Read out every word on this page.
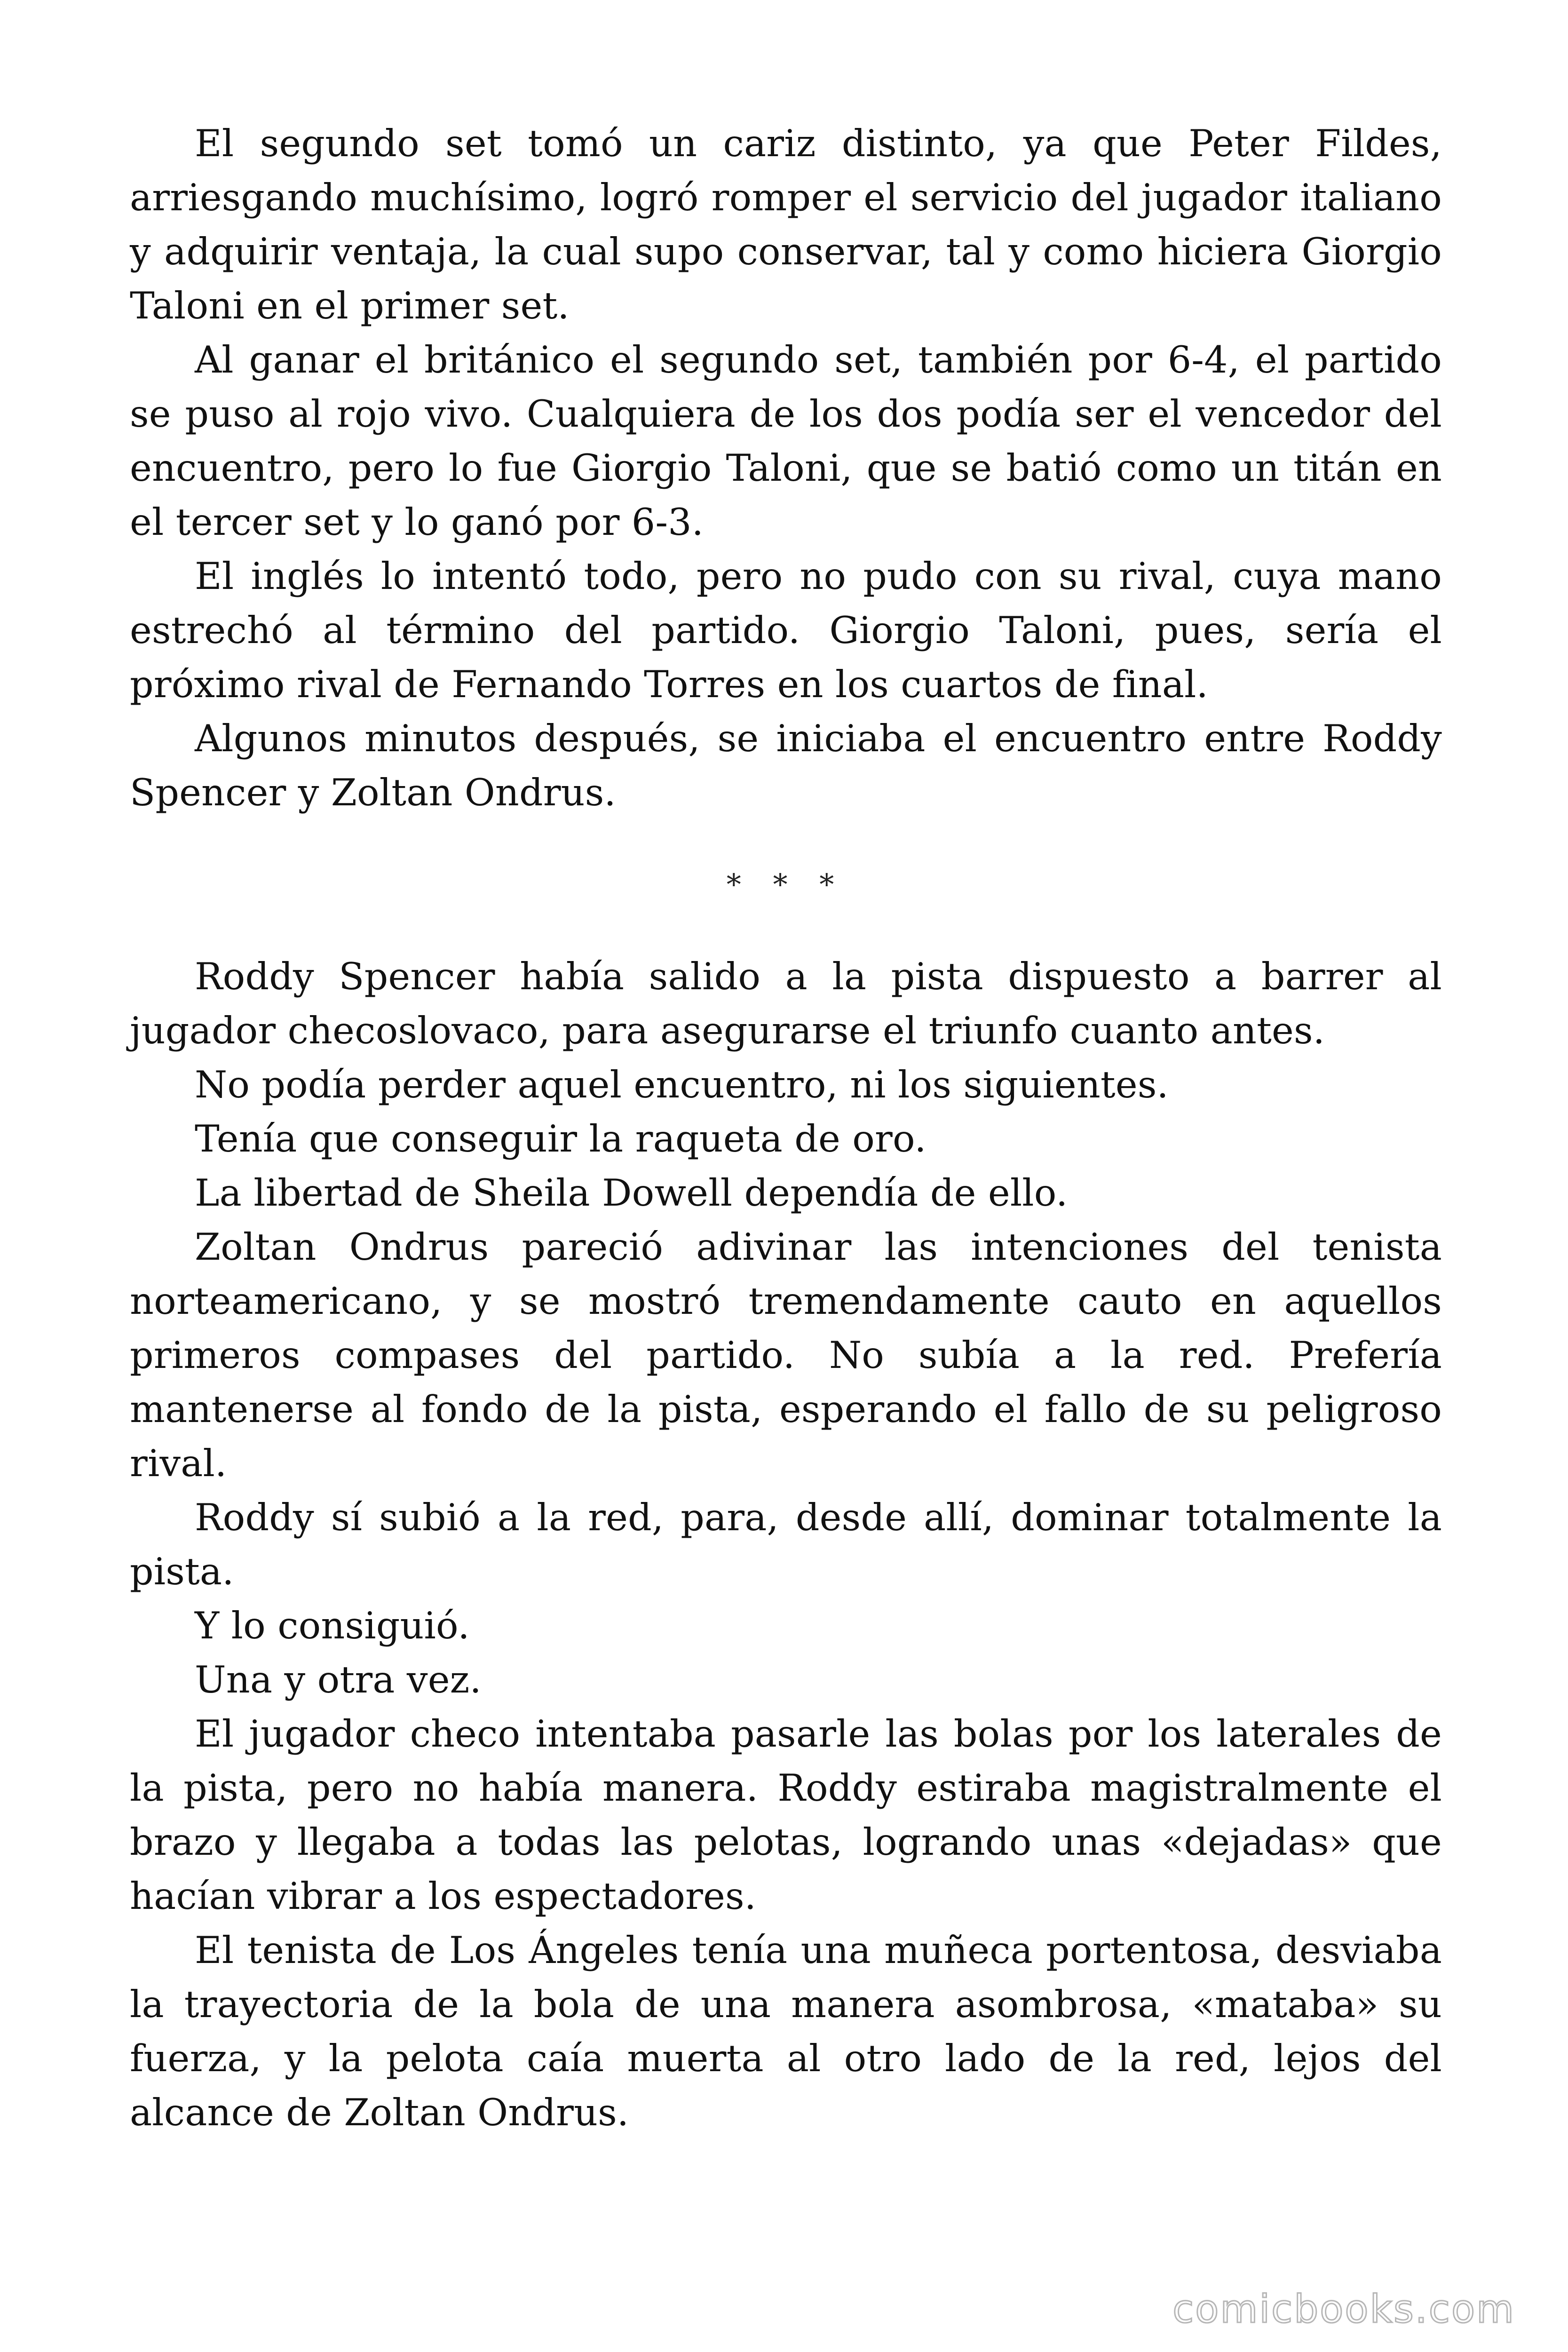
El segundo set tomó un cariz distinto, ya que Peter Fildes, arriesgando muchísimo, logró romper el servicio del jugador italiano y adquirir ventaja, la cual supo conservar, tal y como hiciera Giorgio Taloni en el primer set.

Al ganar el británico el segundo set, también por 6-4, el partido se puso al rojo vivo. Cualquiera de los dos podía ser el vencedor del encuentro, pero lo fue Giorgio Taloni, que se batió como un titán en el tercer set y lo ganó por 6-3.

El inglés lo intentó todo, pero no pudo con su rival, cuya mano estrechó al término del partido. Giorgio Taloni, pues, sería el próximo rival de Fernando Torres en los cuartos de final.

Algunos minutos después, se iniciaba el encuentro entre Roddy Spencer y Zoltan Ondrus.

* * *

Roddy Spencer había salido a la pista dispuesto a barrer al jugador checoslovaco, para asegurarse el triunfo cuanto antes.

No podía perder aquel encuentro, ni los siguientes.

Tenía que conseguir la raqueta de oro.

La libertad de Sheila Dowell dependía de ello.

Zoltan Ondrus pareció adivinar las intenciones del tenista norteamericano, y se mostró tremendamente cauto en aquellos primeros compases del partido. No subía a la red. Prefería mantenerse al fondo de la pista, esperando el fallo de su peligroso rival.

Roddy sí subió a la red, para, desde allí, dominar totalmente la pista.

Y lo consiguió.

Una y otra vez.

El jugador checo intentaba pasarle las bolas por los laterales de la pista, pero no había manera. Roddy estiraba magistralmente el brazo y llegaba a todas las pelotas, logrando unas «dejadas» que hacían vibrar a los espectadores.

El tenista de Los Ángeles tenía una muñeca portentosa, desviaba la trayectoria de la bola de una manera asombrosa, «mataba» su fuerza, y la pelota caía muerta al otro lado de la red, lejos del alcance de Zoltan Ondrus.

comicbooks.com
